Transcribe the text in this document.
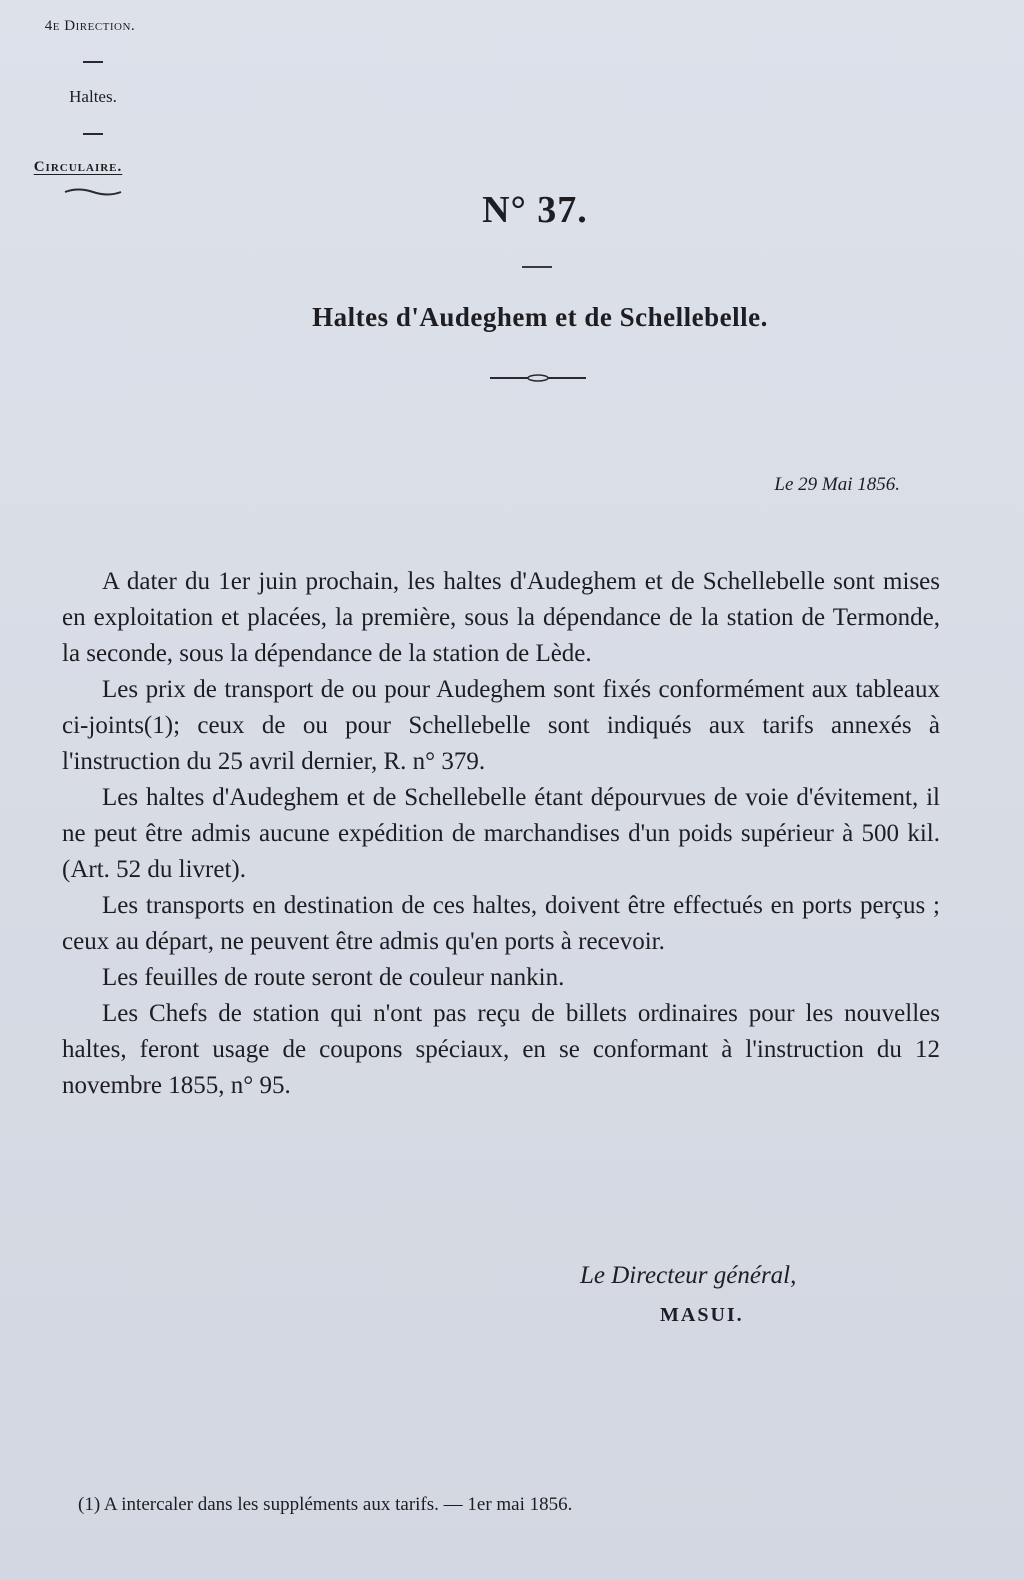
4e Direction.
Haltes.
Circulaire.
N° 37.
Haltes d'Audeghem et de Schellebelle.
Le 29 Mai 1856.

A dater du 1er juin prochain, les haltes d'Audeghem et de Schellebelle sont mises en exploitation et placées, la première, sous la dépendance de la station de Termonde, la seconde, sous la dépendance de la station de Lède.

Les prix de transport de ou pour Audeghem sont fixés conformément aux tableaux ci-joints(1); ceux de ou pour Schellebelle sont indiqués aux tarifs annexés à l'instruction du 25 avril dernier, R. n° 379.

Les haltes d'Audeghem et de Schellebelle étant dépourvues de voie d'évitement, il ne peut être admis aucune expédition de marchandises d'un poids supérieur à 500 kil. (Art. 52 du livret).

Les transports en destination de ces haltes, doivent être effectués en ports perçus ; ceux au départ, ne peuvent être admis qu'en ports à recevoir.

Les feuilles de route seront de couleur nankin.

Les Chefs de station qui n'ont pas reçu de billets ordinaires pour les nouvelles haltes, feront usage de coupons spéciaux, en se conformant à l'instruction du 12 novembre 1855, n° 95.

Le Directeur général,
MASUI.
(1) A intercaler dans les suppléments aux tarifs. — 1er mai 1856.
